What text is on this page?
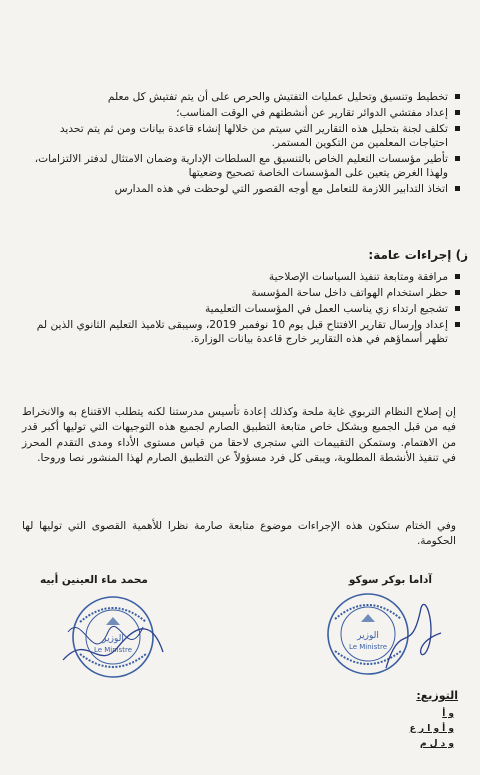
تخطيط وتنسيق وتحليل عمليات التفتيش والحرص على أن يتم تفتيش كل معلم
إعداد مفتشي الدوائر تقارير عن أنشطتهم في الوقت المناسب؛
تكلف لجنة بتحليل هذه التقارير التي سيتم من خلالها إنشاء قاعدة بيانات ومن ثم يتم تحديد احتياجات المعلمين من التكوين المستمر.
تأطير مؤسسات التعليم الخاص بالتنسيق مع السلطات الإدارية وضمان الامتثال لدفتر الالتزامات، ولهذا الغرض يتعين على المؤسسات الخاصة تصحيح وضعيتها
اتخاذ التدابير اللازمة للتعامل مع أوجه القصور التي لوحظت في هذه المدارس
ز) إجراءات عامة:
مرافقة ومتابعة تنفيذ السياسات الإصلاحية
حظر استخدام الهواتف داخل ساحة المؤسسة
تشجيع ارتداء زي يناسب العمل في المؤسسات التعليمية
إعداد وإرسال تقارير الافتتاح قبل يوم 10 نوفمبر 2019، وسيبقى تلاميذ التعليم الثانوي الذين لم تظهر أسماؤهم في هذه التقارير خارج قاعدة بيانات الوزارة.

إن إصلاح النظام التربوي غاية ملحة وكذلك إعادة تأسيس مدرستنا لكنه يتطلب الاقتناع به والانخراط فيه من قبل الجميع وبشكل خاص متابعة التطبيق الصارم لجميع هذه التوجيهات التي توليها أكبر قدر من الاهتمام. وستمكن التقييمات التي ستجرى لاحقا من قياس مستوى الأداء ومدى التقدم المحرز في تنفيذ الأنشطة المطلوبة، ويبقى كل فرد مسؤولاً عن التطبيق الصارم لهذا المنشور نصا وروحا.

وفي الختام ستكون هذه الإجراءات موضوع متابعة صارمة نظرا للأهمية القصوى التي توليها لها الحكومة.

محمد ماء العينين أبيه	آداما بوكر سوكو
الوزير
Le Ministre
الوزير
Le Ministre
التوزيع:
و أ
و أ و ا ر ع
و د ل م
